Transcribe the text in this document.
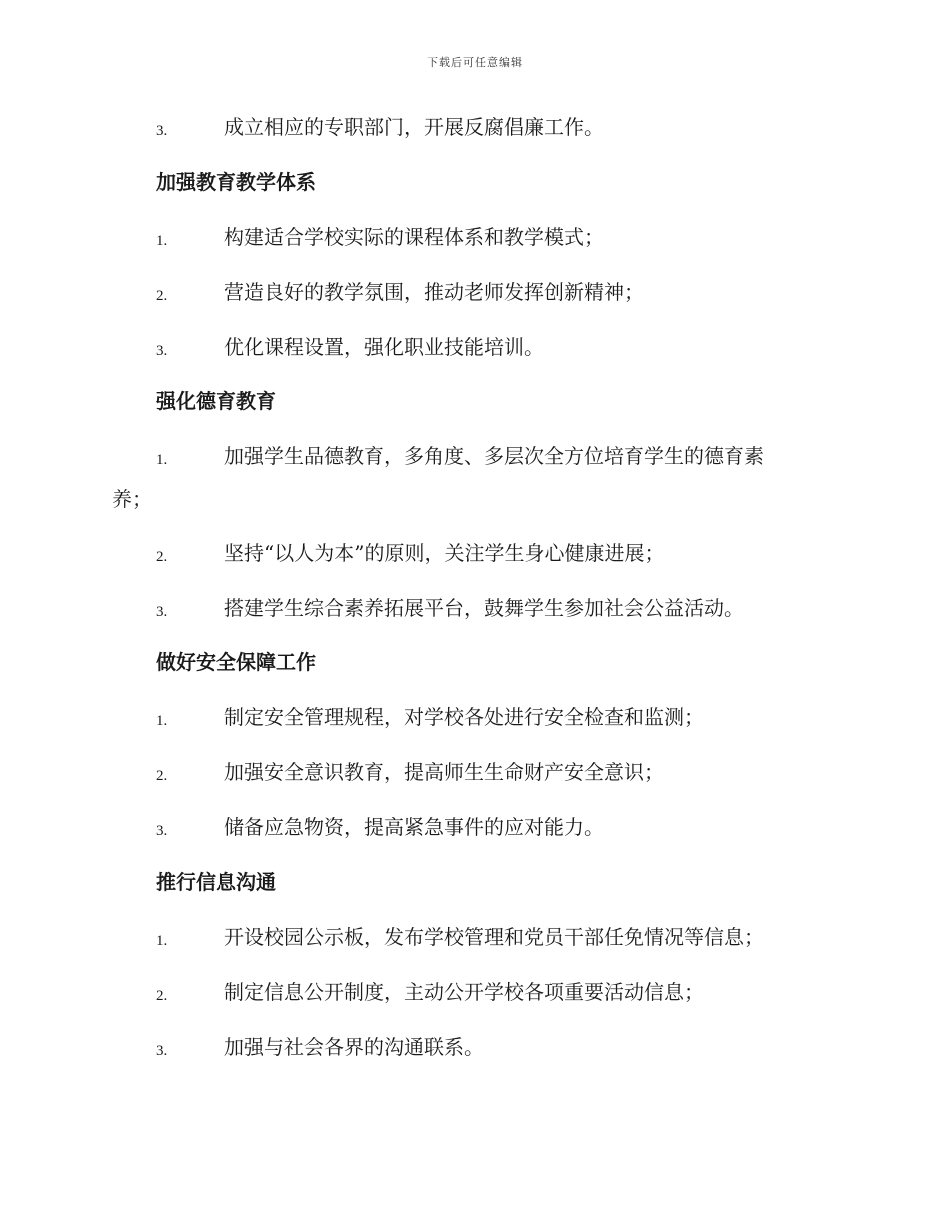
下载后可任意编辑
3.	成立相应的专职部门，开展反腐倡廉工作。
加强教育教学体系
1.	构建适合学校实际的课程体系和教学模式；
2.	营造良好的教学氛围，推动老师发挥创新精神；
3.	优化课程设置，强化职业技能培训。
强化德育教育
1.	加强学生品德教育，多角度、多层次全方位培育学生的德育素
养；
2.	坚持“以人为本”的原则，关注学生身心健康进展；
3.	搭建学生综合素养拓展平台，鼓舞学生参加社会公益活动。
做好安全保障工作
1.	制定安全管理规程，对学校各处进行安全检查和监测；
2.	加强安全意识教育，提高师生生命财产安全意识；
3.	储备应急物资，提高紧急事件的应对能力。
推行信息沟通
1.	开设校园公示板，发布学校管理和党员干部任免情况等信息；
2.	制定信息公开制度，主动公开学校各项重要活动信息；
3.	加强与社会各界的沟通联系。
